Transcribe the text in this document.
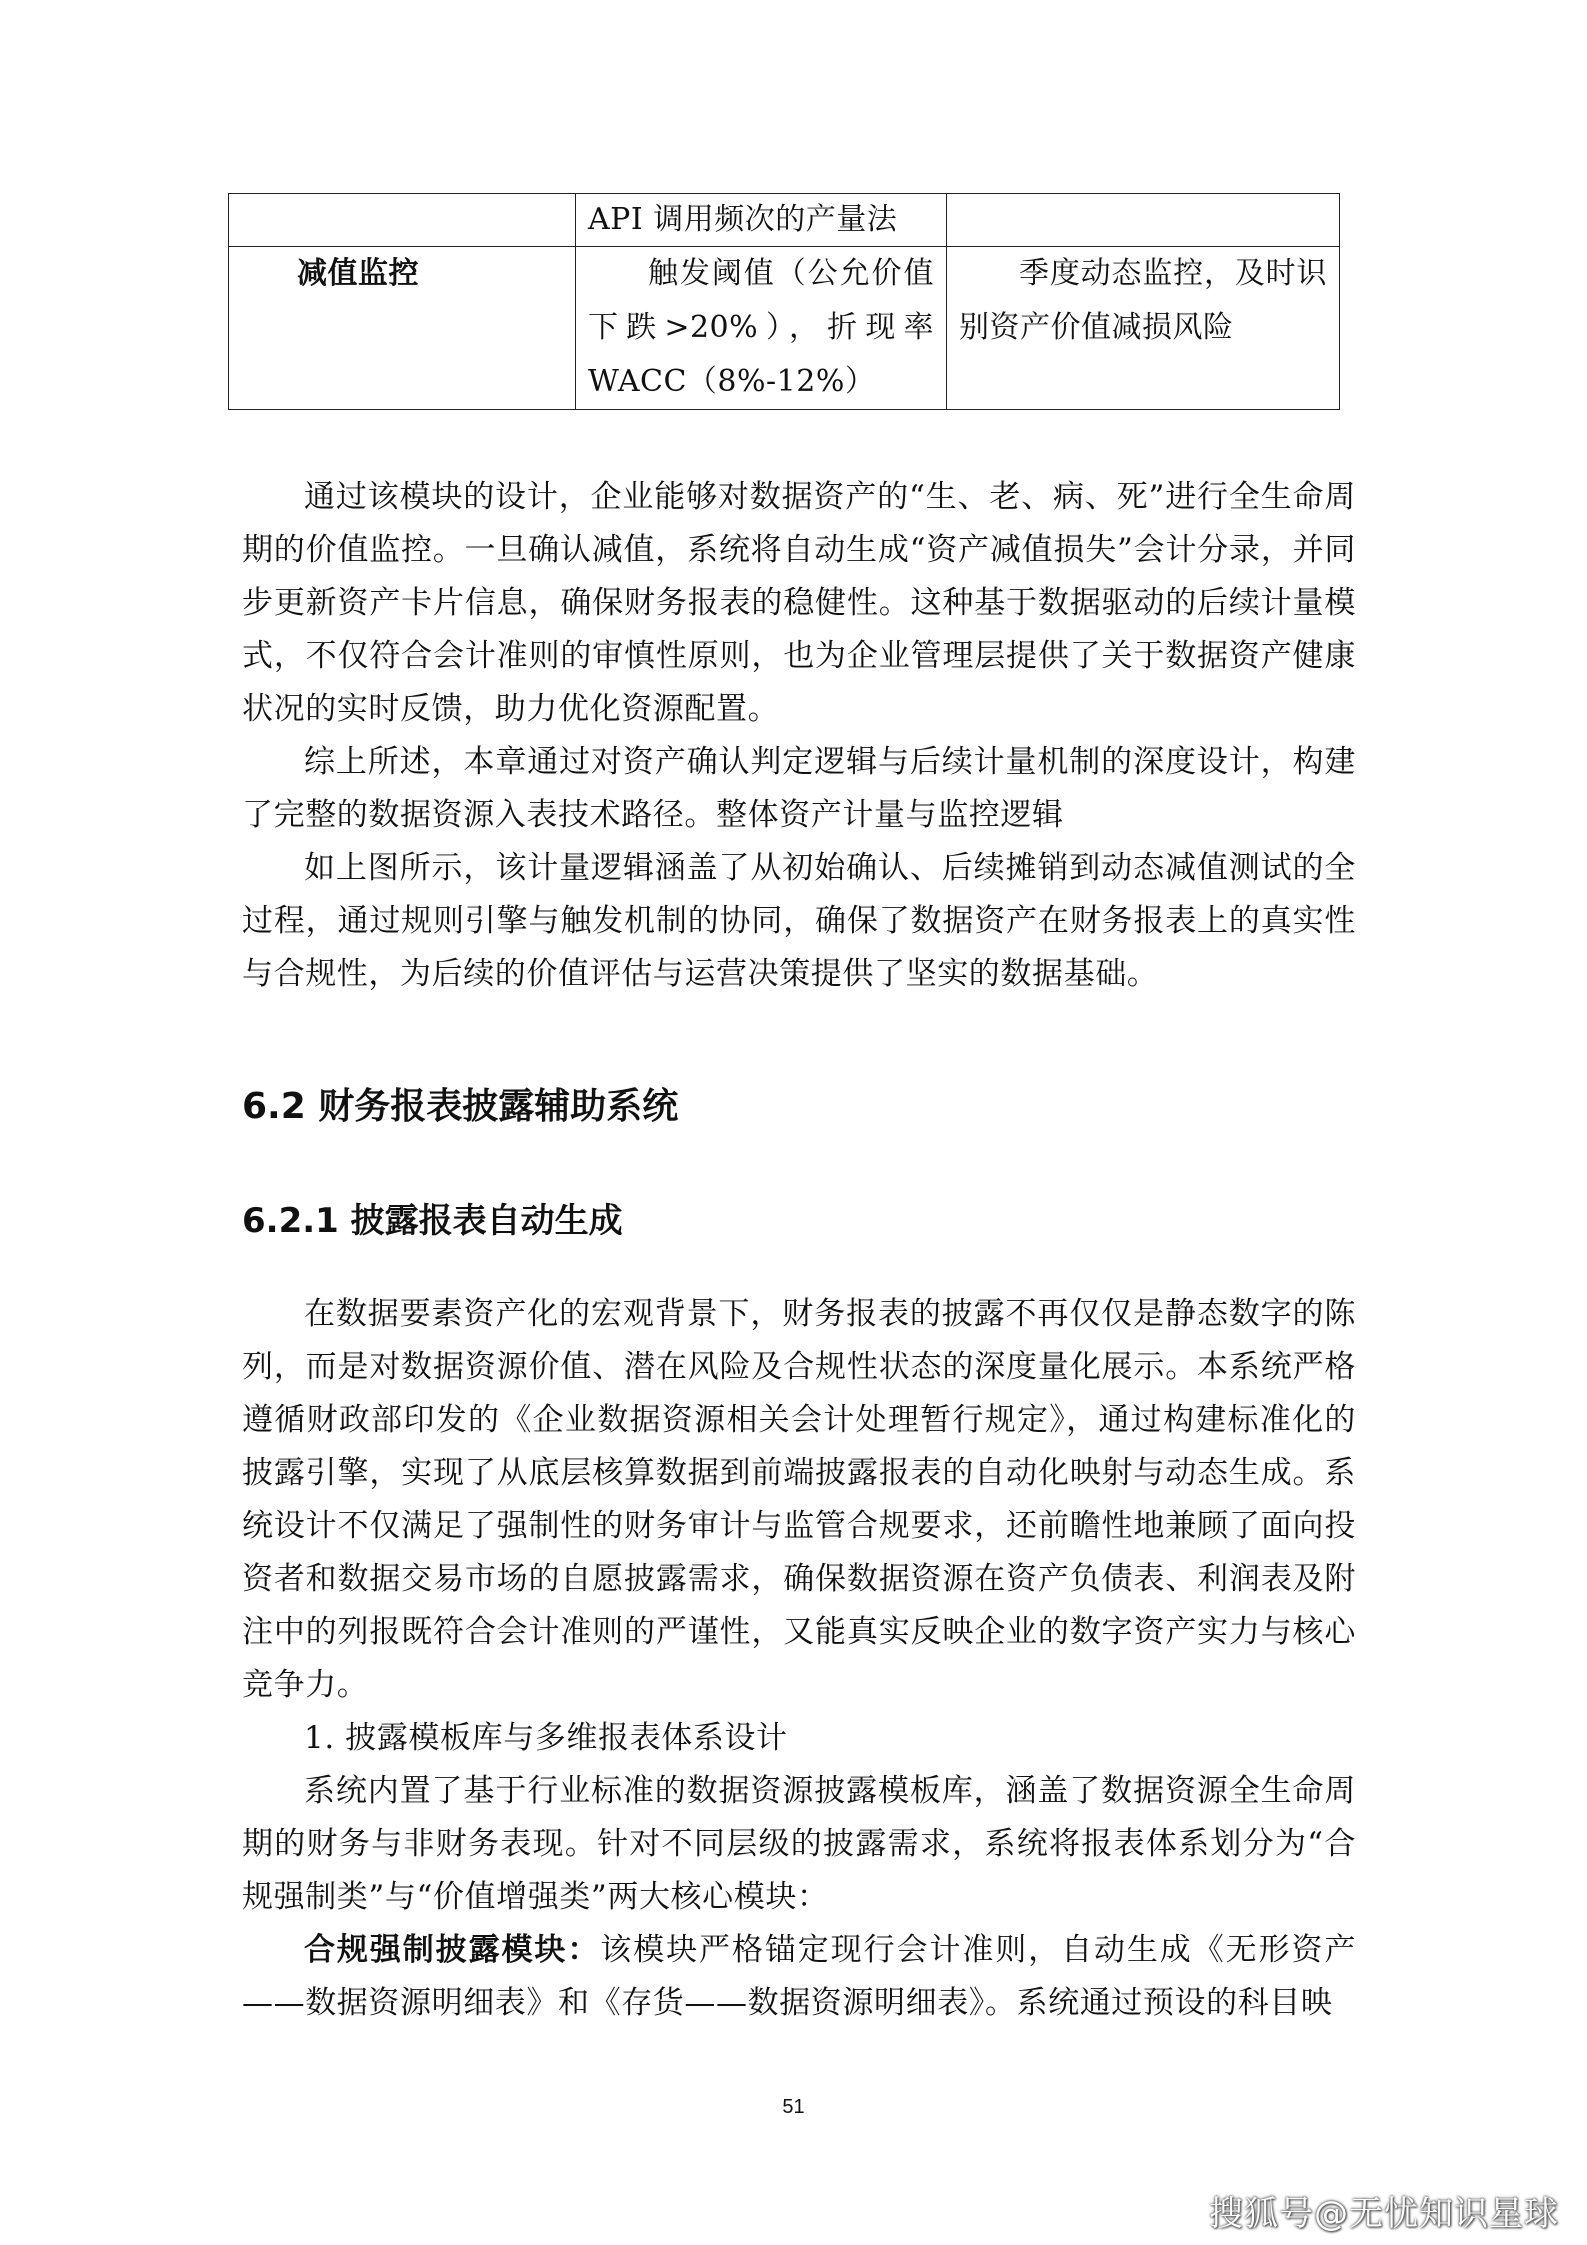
	API 调用频次的产量法	
减值监控	触发阈值（公允价值下跌>20%），折现率 WACC（8%-12%）	季度动态监控，及时识别资产价值减损风险

通过该模块的设计，企业能够对数据资产的“生、老、病、死”进行全生命周期的价值监控。一旦确认减值，系统将自动生成“资产减值损失”会计分录，并同步更新资产卡片信息，确保财务报表的稳健性。这种基于数据驱动的后续计量模式，不仅符合会计准则的审慎性原则，也为企业管理层提供了关于数据资产健康状况的实时反馈，助力优化资源配置。

综上所述，本章通过对资产确认判定逻辑与后续计量机制的深度设计，构建了完整的数据资源入表技术路径。整体资产计量与监控逻辑

如上图所示，该计量逻辑涵盖了从初始确认、后续摊销到动态减值测试的全过程，通过规则引擎与触发机制的协同，确保了数据资产在财务报表上的真实性与合规性，为后续的价值评估与运营决策提供了坚实的数据基础。

6.2 财务报表披露辅助系统
6.2.1 披露报表自动生成

在数据要素资产化的宏观背景下，财务报表的披露不再仅仅是静态数字的陈列，而是对数据资源价值、潜在风险及合规性状态的深度量化展示。本系统严格遵循财政部印发的《企业数据资源相关会计处理暂行规定》，通过构建标准化的披露引擎，实现了从底层核算数据到前端披露报表的自动化映射与动态生成。系统设计不仅满足了强制性的财务审计与监管合规要求，还前瞻性地兼顾了面向投资者和数据交易市场的自愿披露需求，确保数据资源在资产负债表、利润表及附注中的列报既符合会计准则的严谨性，又能真实反映企业的数字资产实力与核心竞争力。

1. 披露模板库与多维报表体系设计

系统内置了基于行业标准的数据资源披露模板库，涵盖了数据资源全生命周期的财务与非财务表现。针对不同层级的披露需求，系统将报表体系划分为“合规强制类”与“价值增强类”两大核心模块：

合规强制披露模块：该模块严格锚定现行会计准则，自动生成《无形资产——数据资源明细表》和《存货——数据资源明细表》。系统通过预设的科目映

51
搜狐号@无忧知识星球
